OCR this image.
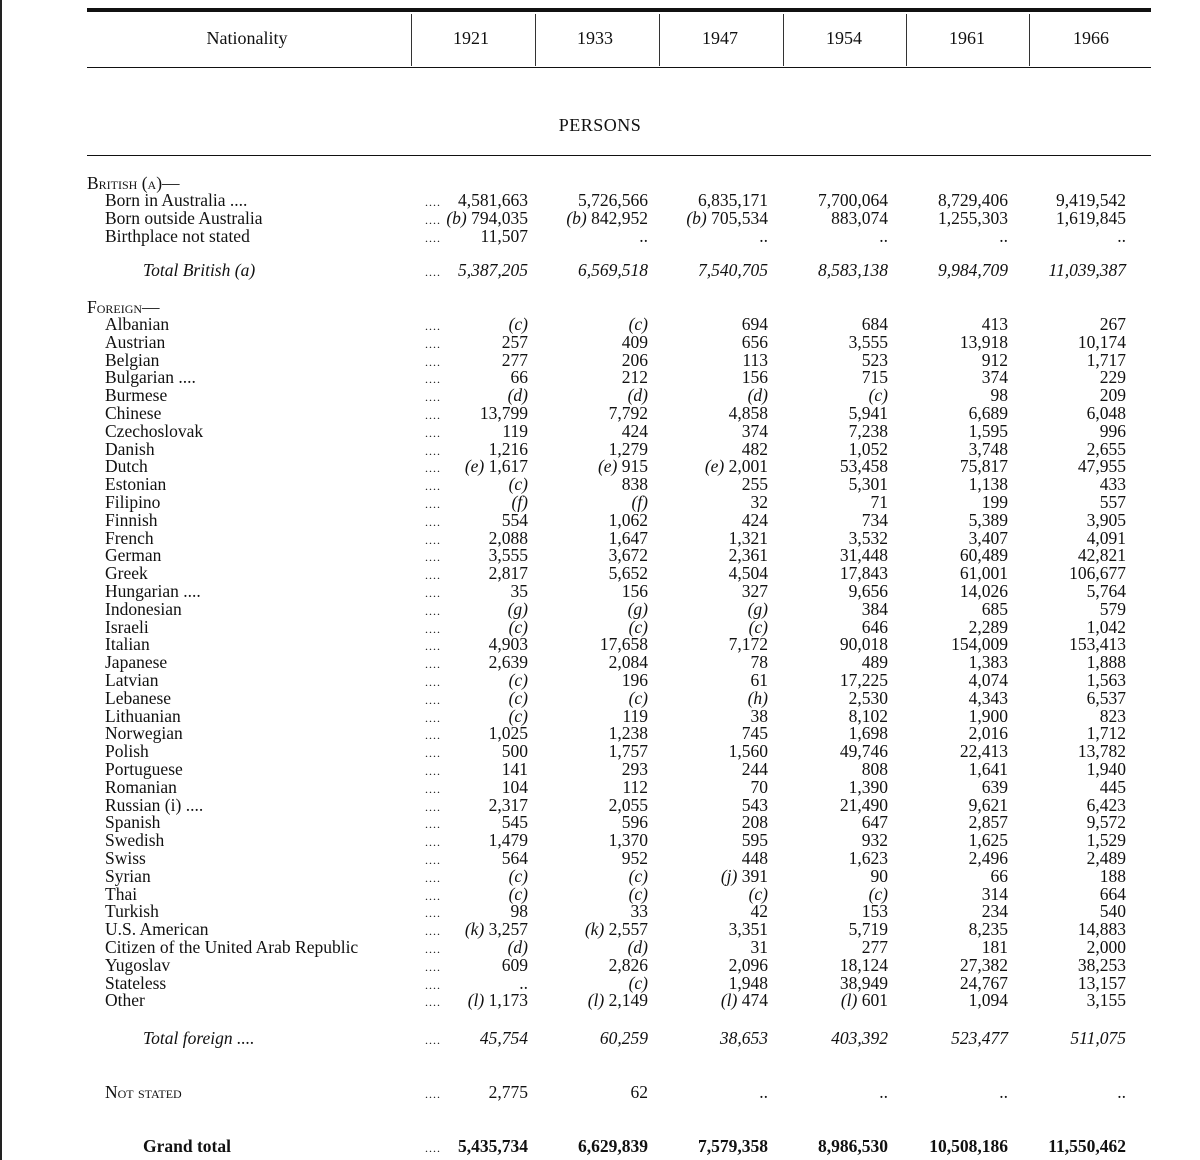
Nationality	1921	1933	1947	1954	1961	1966
PERSONS
British (a)—
Born in Australia ....	.... 4,581,663	5,726,566	6,835,171	7,700,064	8,729,406	9,419,542
Born outside Australia	.... (b) 794,035	(b) 842,952	(b) 705,534	883,074	1,255,303	1,619,845
Birthplace not stated	....	11,507	..	..	..	..	..
Total British (a)	.... 5,387,205	6,569,518	7,540,705	8,583,138	9,984,709	11,039,387
Foreign—
Albanian	....	(c)	(c)	694	684	413	267
Austrian	....	257	409	656	3,555	13,918	10,174
Belgian	....	277	206	113	523	912	1,717
Bulgarian ....	....	66	212	156	715	374	229
Burmese	....	(d)	(d)	(d)	(c)	98	209
Chinese	....	13,799	7,792	4,858	5,941	6,689	6,048
Czechoslovak	....	119	424	374	7,238	1,595	996
Danish	....	1,216	1,279	482	1,052	3,748	2,655
Dutch	....	(e) 1,617	(e) 915	(e) 2,001	53,458	75,817	47,955
Estonian	....	(c)	838	255	5,301	1,138	433
Filipino	....	(f)	(f)	32	71	199	557
Finnish	....	554	1,062	424	734	5,389	3,905
French	....	2,088	1,647	1,321	3,532	3,407	4,091
German	....	3,555	3,672	2,361	31,448	60,489	42,821
Greek	....	2,817	5,652	4,504	17,843	61,001	106,677
Hungarian ....	....	35	156	327	9,656	14,026	5,764
Indonesian	....	(g)	(g)	(g)	384	685	579
Israeli	....	(c)	(c)	(c)	646	2,289	1,042
Italian	....	4,903	17,658	7,172	90,018	154,009	153,413
Japanese	....	2,639	2,084	78	489	1,383	1,888
Latvian	....	(c)	196	61	17,225	4,074	1,563
Lebanese	....	(c)	(c)	(h)	2,530	4,343	6,537
Lithuanian	....	(c)	119	38	8,102	1,900	823
Norwegian	....	1,025	1,238	745	1,698	2,016	1,712
Polish	....	500	1,757	1,560	49,746	22,413	13,782
Portuguese	....	141	293	244	808	1,641	1,940
Romanian	....	104	112	70	1,390	639	445
Russian (i) ....	....	2,317	2,055	543	21,490	9,621	6,423
Spanish	....	545	596	208	647	2,857	9,572
Swedish	....	1,479	1,370	595	932	1,625	1,529
Swiss	....	564	952	448	1,623	2,496	2,489
Syrian	....	(c)	(c)	(j) 391	90	66	188
Thai	....	(c)	(c)	(c)	(c)	314	664
Turkish	....	98	33	42	153	234	540
U.S. American	....	(k) 3,257	(k) 2,557	3,351	5,719	8,235	14,883
Citizen of the United Arab Republic	....	(d)	(d)	31	277	181	2,000
Yugoslav	....	609	2,826	2,096	18,124	27,382	38,253
Stateless	....	..	(c)	1,948	38,949	24,767	13,157
Other	....	(l) 1,173	(l) 2,149	(l) 474	(l) 601	1,094	3,155
Total foreign ....	....	45,754	60,259	38,653	403,392	523,477	511,075
Not stated	....	2,775	62	..	..	..	..
Grand total	.... 5,435,734	6,629,839	7,579,358	8,986,530	10,508,186	11,550,462
